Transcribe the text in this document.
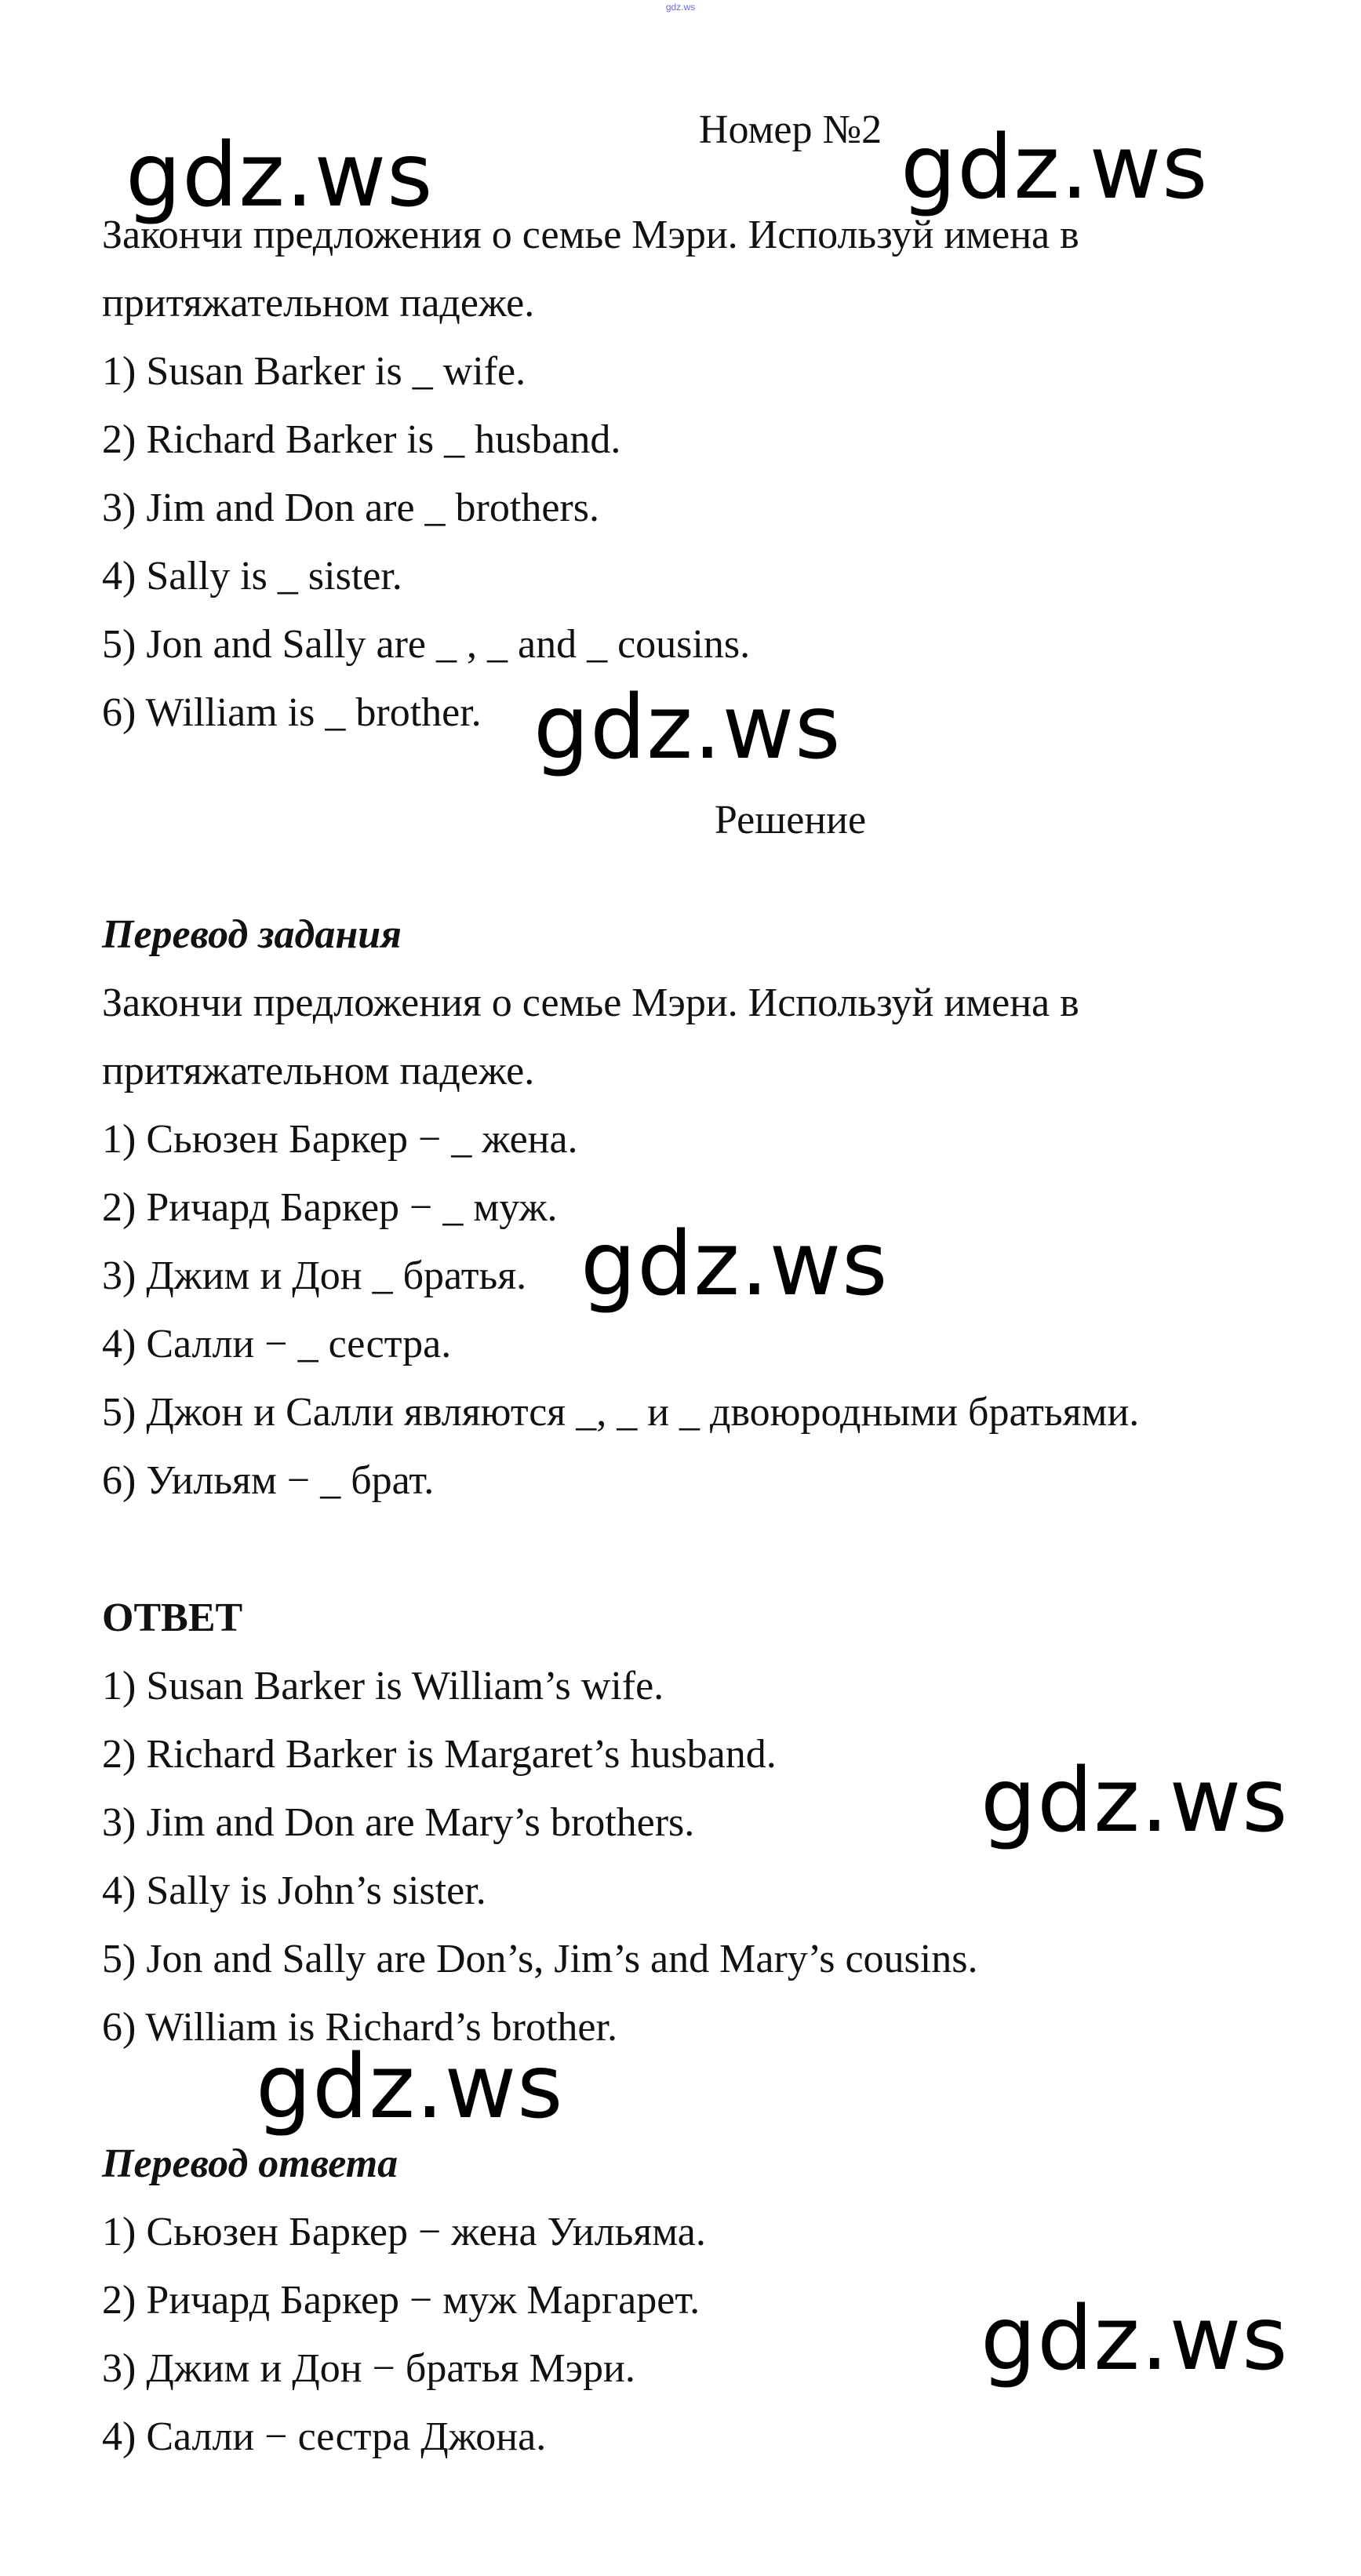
gdz.ws
Номер №2
Закончи предложения о семье Мэри. Используй имена в
притяжательном падеже.
1) Susan Barker is _ wife.
2) Richard Barker is _ husband.
3) Jim and Don are _ brothers.
4) Sally is _ sister.
5) Jon and Sally are _ , _ and _ cousins.
6) William is _ brother.
Решение
Перевод задания
Закончи предложения о семье Мэри. Используй имена в
притяжательном падеже.
1) Сьюзен Баркер − _ жена.
2) Ричард Баркер − _ муж.
3) Джим и Дон _ братья.
4) Салли − _ сестра.
5) Джон и Салли являются _, _ и _ двоюродными братьями.
6) Уильям − _ брат.
ОТВЕТ
1) Susan Barker is William’s wife.
2) Richard Barker is Margaret’s husband.
3) Jim and Don are Mary’s brothers.
4) Sally is John’s sister.
5) Jon and Sally are Don’s, Jim’s and Mary’s cousins.
6) William is Richard’s brother.
Перевод ответа
1) Сьюзен Баркер − жена Уильяма.
2) Ричард Баркер − муж Маргарет.
3) Джим и Дон − братья Мэри.
4) Салли − сестра Джона.
gdz.ws	gdz.ws
gdz.ws
gdz.ws
gdz.ws
gdz.ws
gdz.ws
